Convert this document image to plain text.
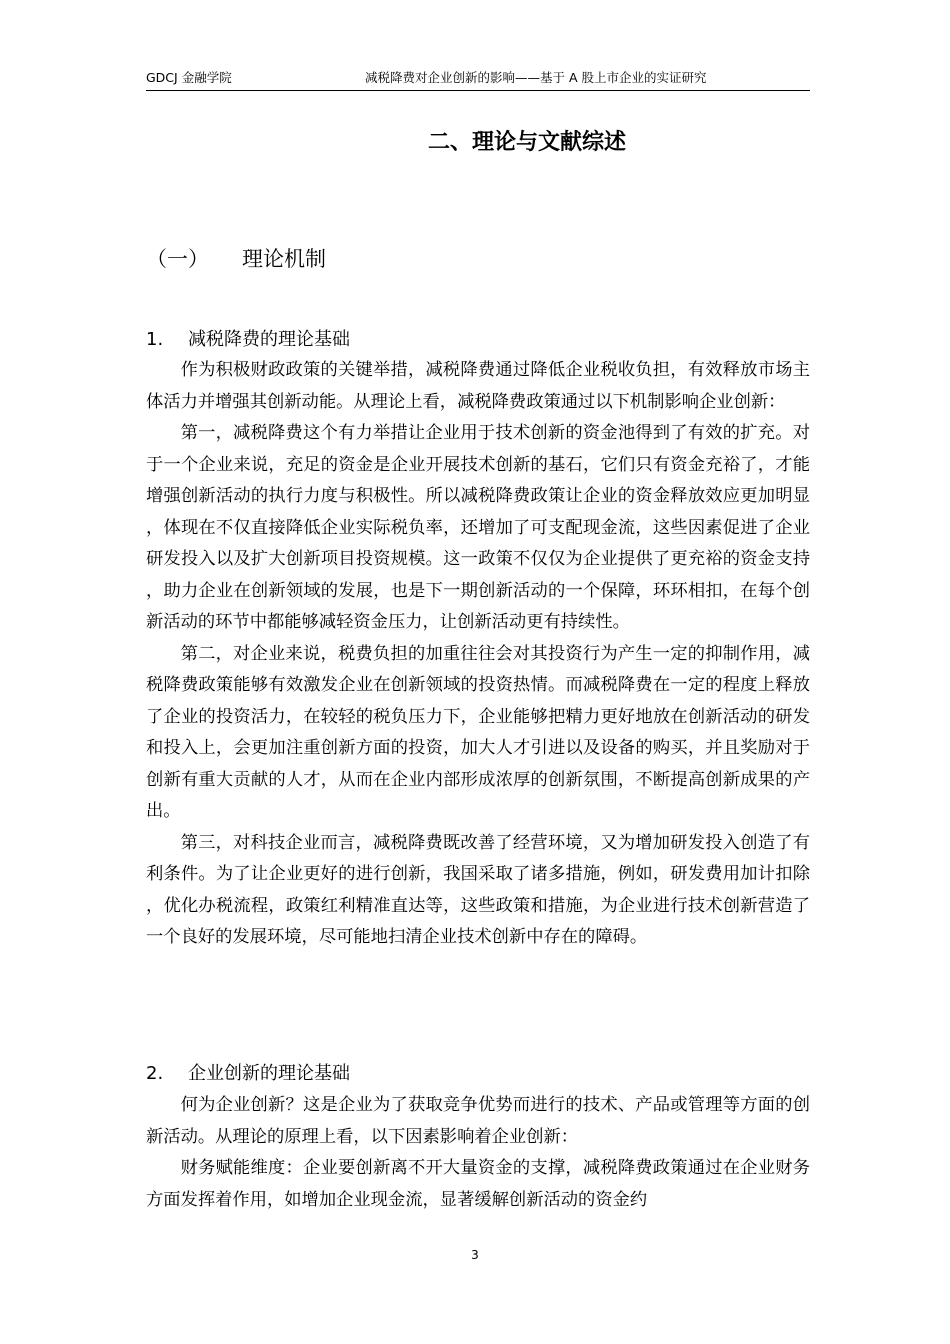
GDCJ 金融学院	减税降费对企业创新的影响——基于 A 股上市企业的实证研究
二、理论与文献综述
（一） 理论机制
1. 减税降费的理论基础

作为积极财政政策的关键举措，减税降费通过降低企业税收负担，有效释放市场主体活力并增强其创新动能。从理论上看，减税降费政策通过以下机制影响企业创新：

第一，减税降费这个有力举措让企业用于技术创新的资金池得到了有效的扩充。对于一个企业来说，充足的资金是企业开展技术创新的基石，它们只有资金充裕了，才能增强创新活动的执行力度与积极性。所以减税降费政策让企业的资金释放效应更加明显，体现在不仅直接降低企业实际税负率，还增加了可支配现金流，这些因素促进了企业研发投入以及扩大创新项目投资规模。这一政策不仅仅为企业提供了更充裕的资金支持，助力企业在创新领域的发展，也是下一期创新活动的一个保障，环环相扣，在每个创新活动的环节中都能够减轻资金压力，让创新活动更有持续性。

第二，对企业来说，税费负担的加重往往会对其投资行为产生一定的抑制作用，减税降费政策能够有效激发企业在创新领域的投资热情。而减税降费在一定的程度上释放了企业的投资活力，在较轻的税负压力下，企业能够把精力更好地放在创新活动的研发和投入上，会更加注重创新方面的投资，加大人才引进以及设备的购买，并且奖励对于创新有重大贡献的人才，从而在企业内部形成浓厚的创新氛围，不断提高创新成果的产出。

第三，对科技企业而言，减税降费既改善了经营环境，又为增加研发投入创造了有利条件。为了让企业更好的进行创新，我国采取了诸多措施，例如，研发费用加计扣除，优化办税流程，政策红利精准直达等，这些政策和措施，为企业进行技术创新营造了一个良好的发展环境，尽可能地扫清企业技术创新中存在的障碍。

2. 企业创新的理论基础

何为企业创新？这是企业为了获取竞争优势而进行的技术、产品或管理等方面的创新活动。从理论的原理上看，以下因素影响着企业创新：

财务赋能维度：企业要创新离不开大量资金的支撑，减税降费政策通过在企业财务方面发挥着作用，如增加企业现金流，显著缓解创新活动的资金约

3
